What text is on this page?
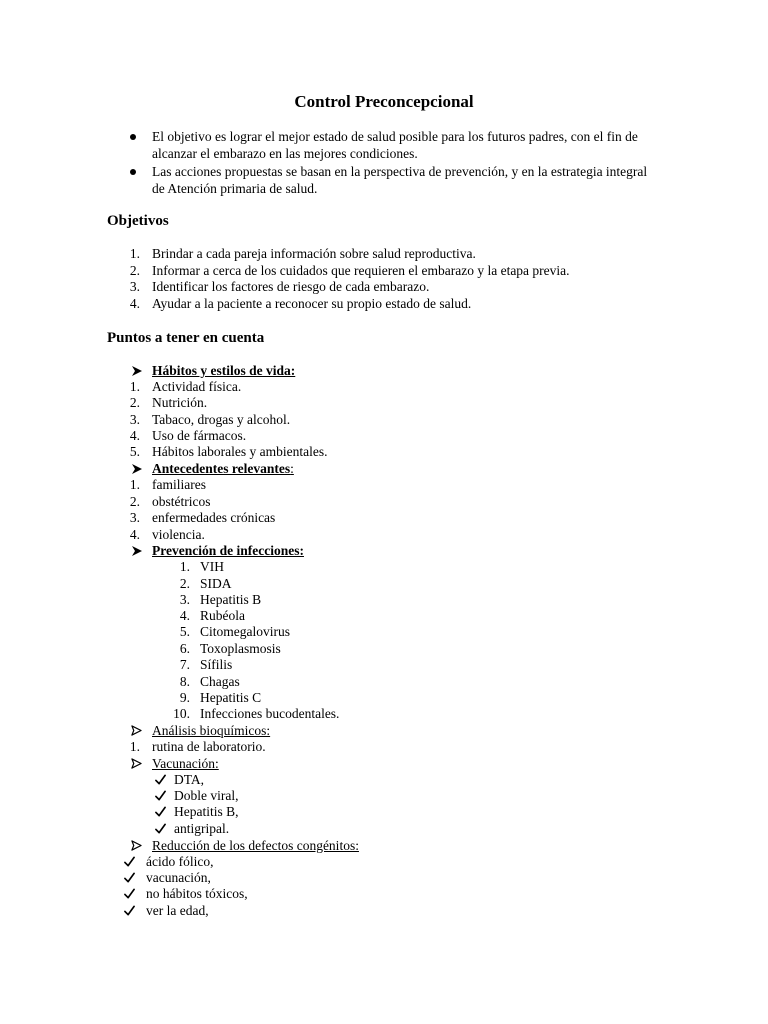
Control Preconcepcional
El objetivo es lograr el mejor estado de salud posible para los futuros padres, con el fin de
alcanzar el embarazo en las mejores condiciones.
Las acciones propuestas se basan en la perspectiva de prevención, y en la estrategia integral
de Atención primaria de salud.
Objetivos
1. Brindar a cada pareja información sobre salud reproductiva.
2. Informar a cerca de los cuidados que requieren el embarazo y la etapa previa.
3. Identificar los factores de riesgo de cada embarazo.
4. Ayudar a la paciente a reconocer su propio estado de salud.
Puntos a tener en cuenta
Hábitos y estilos de vida:
1. Actividad física.
2. Nutrición.
3. Tabaco, drogas y alcohol.
4. Uso de fármacos.
5. Hábitos laborales y ambientales.
Antecedentes relevantes:
1. familiares
2. obstétricos
3. enfermedades crónicas
4. violencia.
Prevención de infecciones:
1. VIH
2. SIDA
3. Hepatitis B
4. Rubéola
5. Citomegalovirus
6. Toxoplasmosis
7. Sífilis
8. Chagas
9. Hepatitis C
10. Infecciones bucodentales.
Análisis bioquímicos:
1. rutina de laboratorio.
Vacunación:
DTA,
Doble viral,
Hepatitis B,
antigripal.
Reducción de los defectos congénitos:
ácido fólico,
vacunación,
no hábitos tóxicos,
ver la edad,
